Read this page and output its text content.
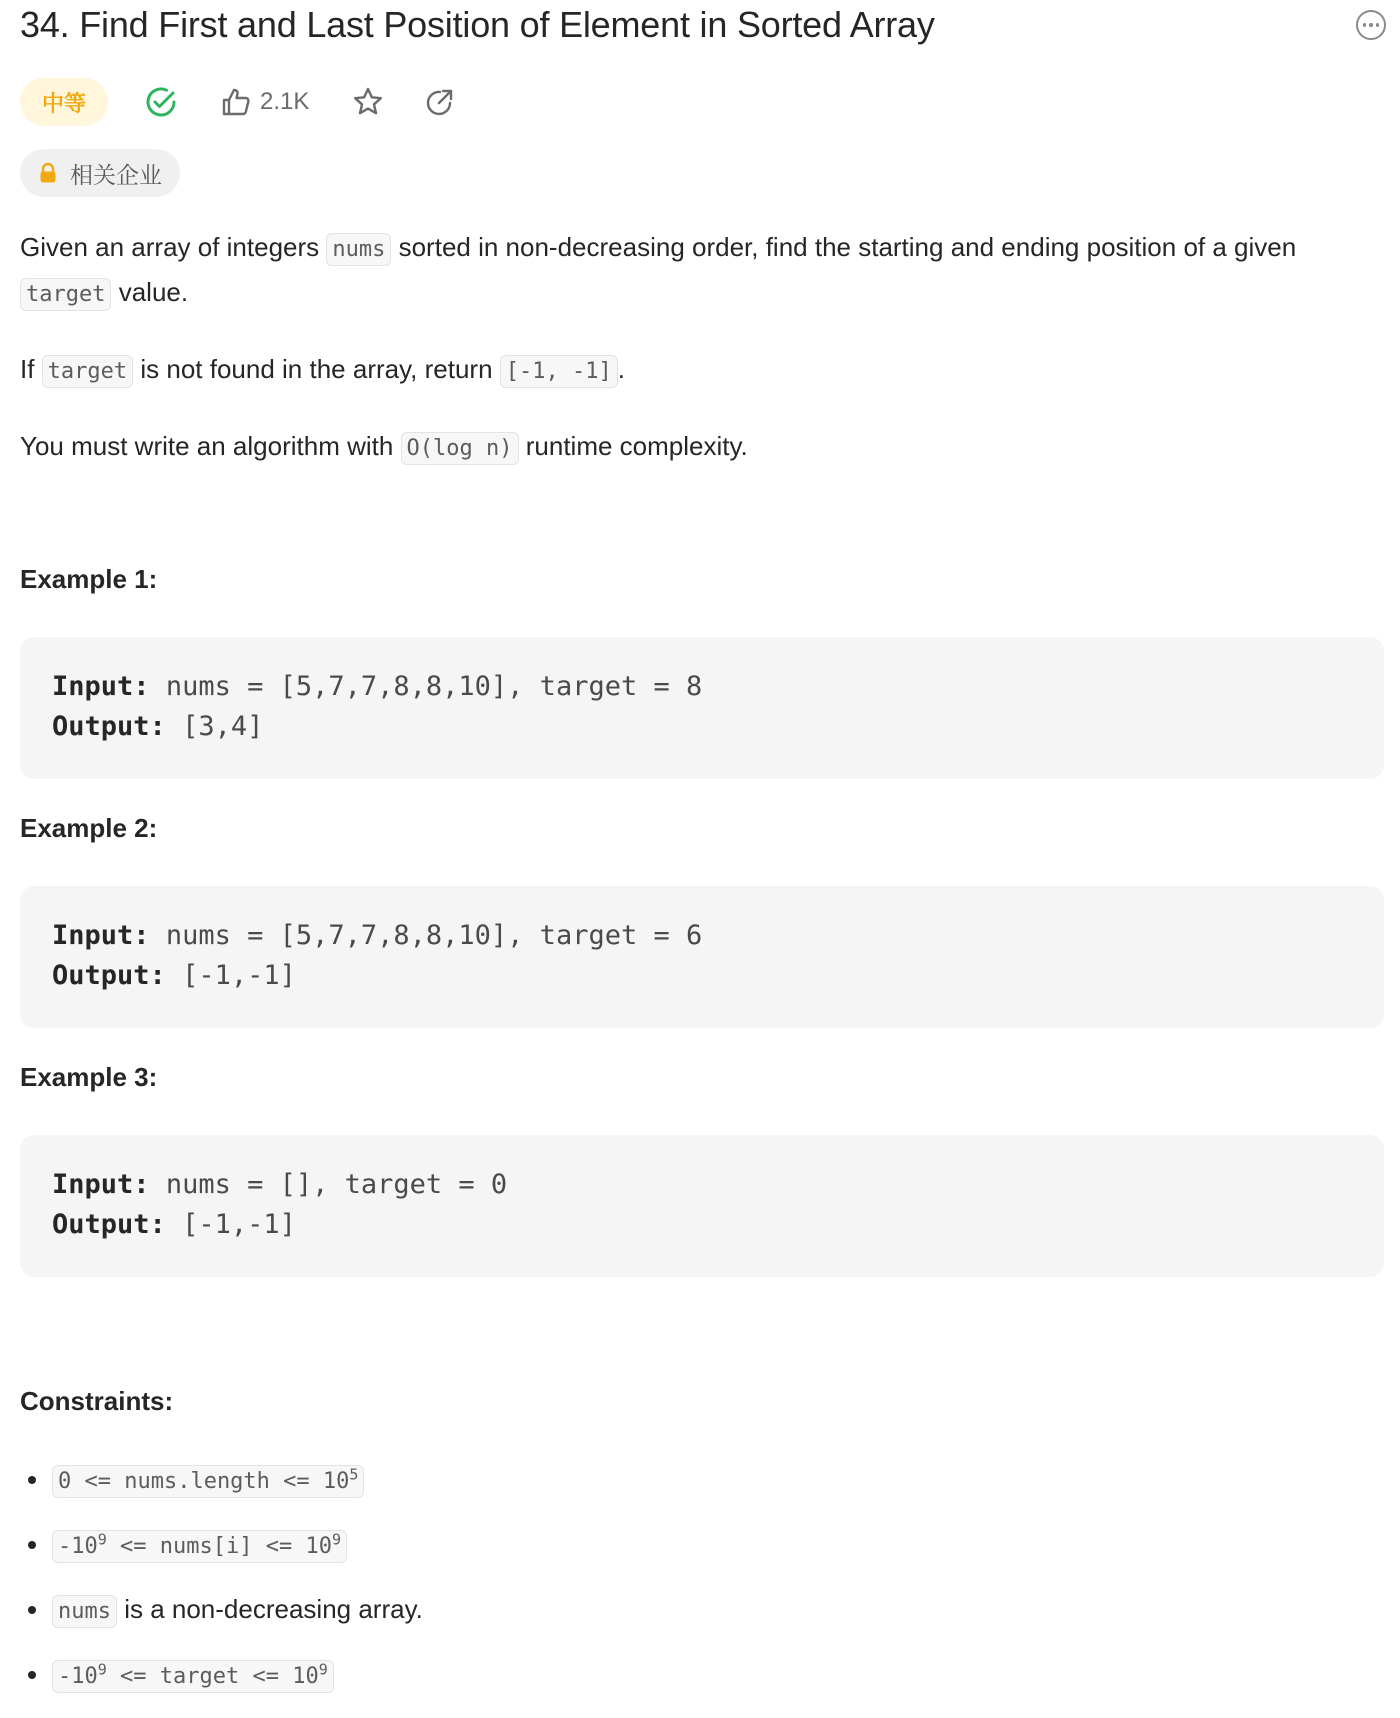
34. Find First and Last Position of Element in Sorted Array
中等	2.1K
相关企业

Given an array of integers nums sorted in non-decreasing order, find the starting and ending position of a given target value.

If target is not found in the array, return [-1, -1] .

You must write an algorithm with O(log n) runtime complexity.

Example 1:
Input: nums = [5,7,7,8,8,10], target = 8
Output: [3,4]
Example 2:
Input: nums = [5,7,7,8,8,10], target = 6
Output: [-1,-1]
Example 3:
Input: nums = [], target = 0
Output: [-1,-1]
Constraints:
0 <= nums.length <= $10^5$
$-10^9$ <= nums[i] <= $10^9$
nums is a non-decreasing array.
$-10^9$ <= target <= $10^9$
